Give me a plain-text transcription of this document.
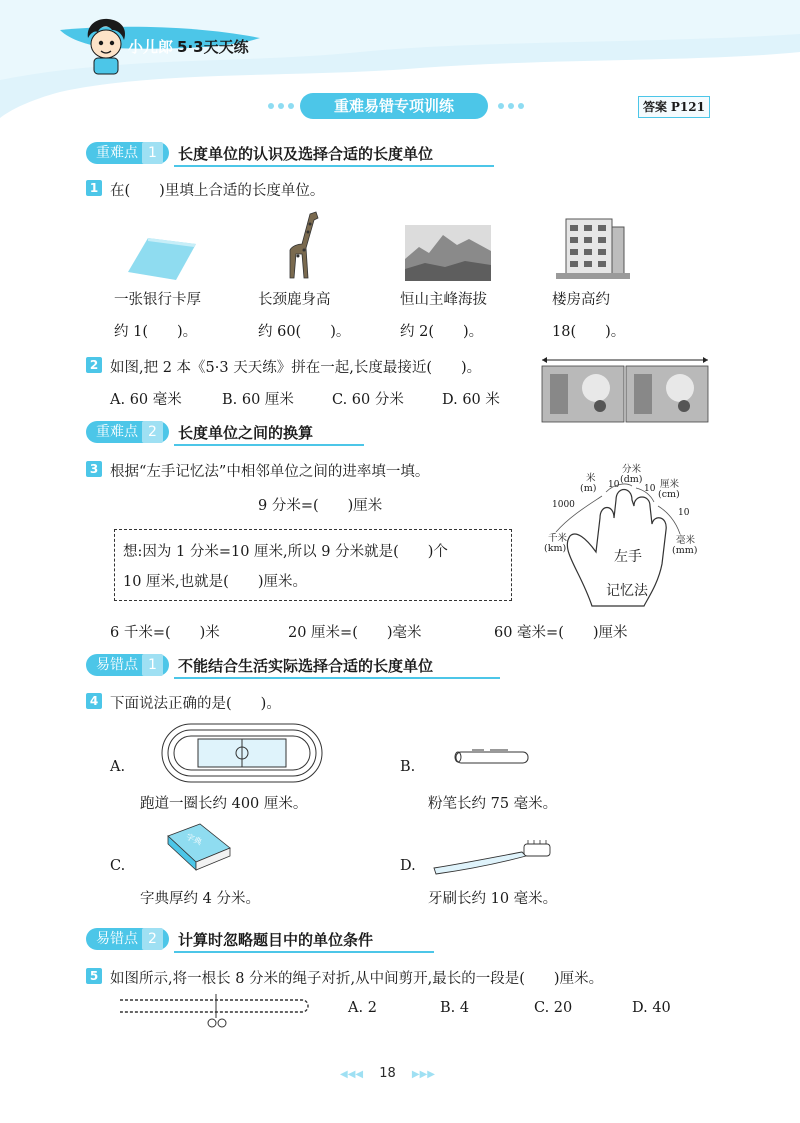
小儿郎 5·3天天练
重难易错专项训练	答案 P121
重难点 1	长度单位的认识及选择合适的长度单位
1 在(　　)里填上合适的长度单位。
一张银行卡厚
约 1(　　)。
长颈鹿身高
约 60(　　)。
恒山主峰海拔
约 2(　　)。
楼房高约
18(　　)。
2 如图,把 2 本《5·3 天天练》拼在一起,长度最接近(　　)。
A. 60 毫米	B. 60 厘米	C. 60 分米	D. 60 米
重难点 2	长度单位之间的换算
3 根据“左手记忆法”中相邻单位之间的进率填一填。
9 分米=(　　)厘米
想:因为 1 分米=10 厘米,所以 9 分米就是(　　)个
10 厘米,也就是(　　)厘米。
米
(m)
分米
(dm) 厘米
(cm)
毫米
(mm)
千米
(km)
1000
10	10
10
左手
记忆法
6 千米=(　　)米	20 厘米=(　　)毫米	60 毫米=(　　)厘米
易错点 1	不能结合生活实际选择合适的长度单位
4 下面说法正确的是(　　)。
A.
跑道一圈长约 400 厘米。
B.
粉笔长约 75 毫米。
字典
C.
字典厚约 4 分米。
D.
牙刷长约 10 毫米。
易错点 2	计算时忽略题目中的单位条件
5 如图所示,将一根长 8 分米的绳子对折,从中间剪开,最长的一段是(　　)厘米。
A. 2	B. 4	C. 20	D. 40
◀◀◀ 18 ▶▶▶
